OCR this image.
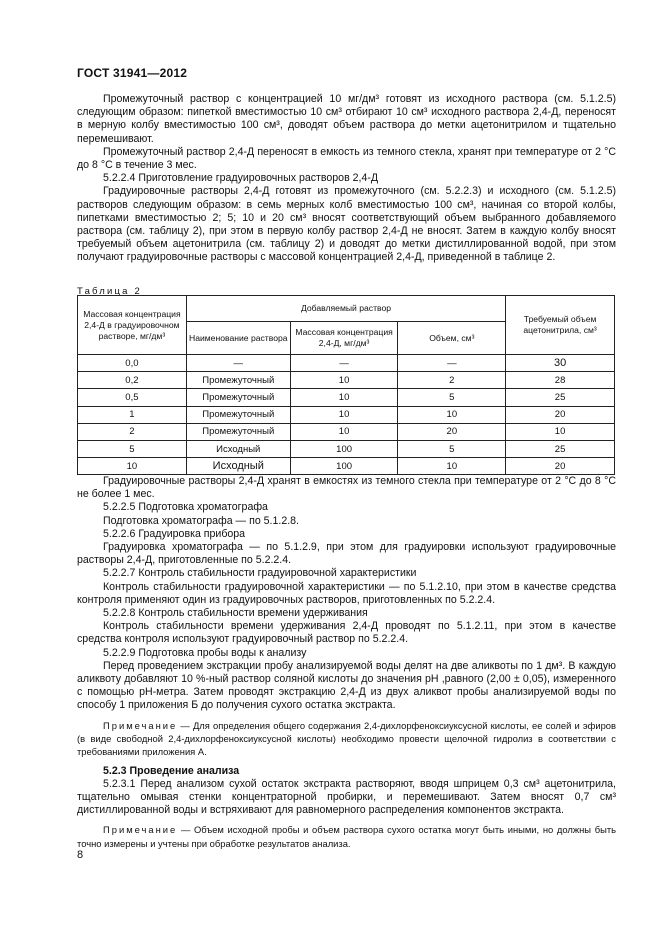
ГОСТ 31941—2012

Промежуточный раствор с концентрацией 10 мг/дм³ готовят из исходного раствора (см. 5.1.2.5) следующим образом: пипеткой вместимостью 10 см³ отбирают 10 см³ исходного раствора 2,4-Д, переносят в мерную колбу вместимостью 100 см³, доводят объем раствора до метки ацетонитрилом и тщательно перемешивают.

Промежуточный раствор 2,4-Д переносят в емкость из темного стекла, хранят при температуре от 2 °С до 8 °С в течение 3 мес.

5.2.2.4 Приготовление градуировочных растворов 2,4-Д

Градуировочные растворы 2,4-Д готовят из промежуточного (см. 5.2.2.3) и исходного (см. 5.1.2.5) растворов следующим образом: в семь мерных колб вместимостью 100 см³, начиная со второй колбы, пипетками вместимостью 2; 5; 10 и 20 см³ вносят соответствующий объем выбранного добавляемого раствора (см. таблицу 2), при этом в первую колбу раствор 2,4-Д не вносят. Затем в каждую колбу вносят требуемый объем ацетонитрила (см. таблицу 2) и доводят до метки дистиллированной водой, при этом получают градуировочные растворы с массовой концентрацией 2,4-Д, приведенной в таблице 2.

Таблица 2
Массовая концентрация 2,4-Д в градуировочном растворе, мг/дм³	Добавляемый раствор			Требуемый объем ацетонитрила, см³
	Наименование раствора	Массовая концентрация 2,4-Д, мг/дм³	Объем, см³	
0,0	—	—	—	30
0,2	Промежуточный	10	2	28
0,5	Промежуточный	10	5	25
1	Промежуточный	10	10	20
2	Промежуточный	10	20	10
5	Исходный	100	5	25
10	Исходный	100	10	20

Градуировочные растворы 2,4-Д хранят в емкостях из темного стекла при температуре от 2 °С до 8 °С не более 1 мес.

5.2.2.5 Подготовка хроматографа

Подготовка хроматографа — по 5.1.2.8.

5.2.2.6 Градуировка прибора

Градуировка хроматографа — по 5.1.2.9, при этом для градуировки используют градуировочные растворы 2,4-Д, приготовленные по 5.2.2.4.

5.2.2.7 Контроль стабильности градуировочной характеристики

Контроль стабильности градуировочной характеристики — по 5.1.2.10, при этом в качестве средства контроля применяют один из градуировочных растворов, приготовленных по 5.2.2.4.

5.2.2.8 Контроль стабильности времени удерживания

Контроль стабильности времени удерживания 2,4-Д проводят по 5.1.2.11, при этом в качестве средства контроля используют градуировочный раствор по 5.2.2.4.

5.2.2.9 Подготовка пробы воды к анализу

Перед проведением экстракции пробу анализируемой воды делят на две аликвоты по 1 дм³. В каждую аликвоту добавляют 10 %-ный раствор соляной кислоты до значения рН ,равного (2,00 ± 0,05), измеренного с помощью рН-метра. Затем проводят экстракцию 2,4-Д из двух аликвот пробы анализируемой воды по способу 1 приложения Б до получения сухого остатка экстракта.

Примечание — Для определения общего содержания 2,4-дихлорфеноксиуксусной кислоты, ее солей и эфиров (в виде свободной 2,4-дихлорфеноксиуксусной кислоты) необходимо провести щелочной гидролиз в соответствии с требованиями приложения А.

5.2.3 Проведение анализа

5.2.3.1 Перед анализом сухой остаток экстракта растворяют, вводя шприцем 0,3 см³ ацетонитрила, тщательно омывая стенки концентраторной пробирки, и перемешивают. Затем вносят 0,7 см³ дистиллированной воды и встряхивают для равномерного распределения компонентов экстракта.

Примечание — Объем исходной пробы и объем раствора сухого остатка могут быть иными, но должны быть точно измерены и учтены при обработке результатов анализа.

8
